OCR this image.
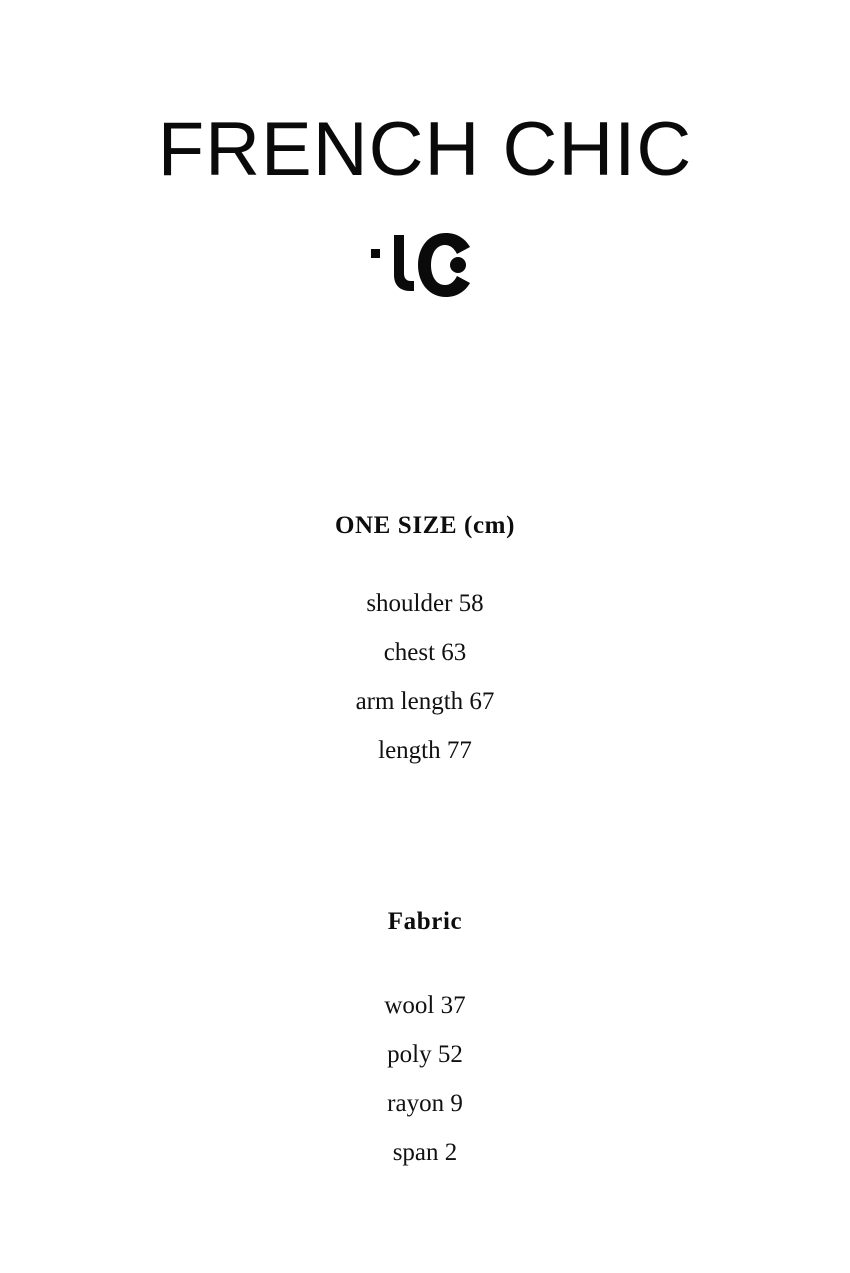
FRENCH CHIC
ONE SIZE (cm)
shoulder 58
chest 63
arm length 67
length 77
Fabric
wool 37
poly 52
rayon 9
span 2
